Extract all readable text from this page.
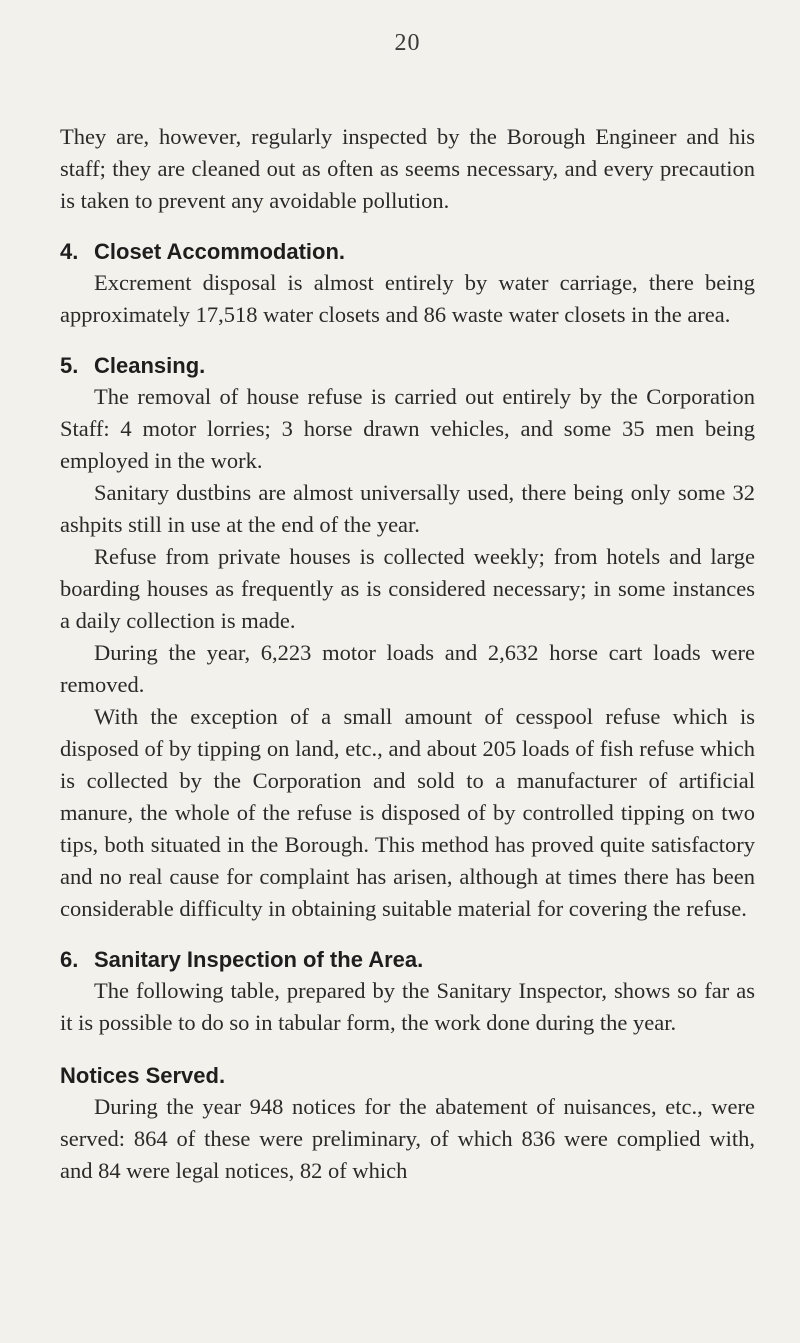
20

They are, however, regularly inspected by the Borough Engineer and his staff; they are cleaned out as often as seems necessary, and every precaution is taken to prevent any avoidable pollution.

4. Closet Accommodation.

Excrement disposal is almost entirely by water carriage, there being approximately 17,518 water closets and 86 waste water closets in the area.

5. Cleansing.

The removal of house refuse is carried out entirely by the Corporation Staff: 4 motor lorries; 3 horse drawn vehicles, and some 35 men being employed in the work.

Sanitary dustbins are almost universally used, there being only some 32 ashpits still in use at the end of the year.

Refuse from private houses is collected weekly; from hotels and large boarding houses as frequently as is considered necessary; in some instances a daily collection is made.

During the year, 6,223 motor loads and 2,632 horse cart loads were removed.

With the exception of a small amount of cesspool refuse which is disposed of by tipping on land, etc., and about 205 loads of fish refuse which is collected by the Corporation and sold to a manufacturer of artificial manure, the whole of the refuse is disposed of by controlled tipping on two tips, both situated in the Borough. This method has proved quite satisfactory and no real cause for complaint has arisen, although at times there has been considerable difficulty in obtaining suitable material for covering the refuse.

6. Sanitary Inspection of the Area.

The following table, prepared by the Sanitary Inspector, shows so far as it is possible to do so in tabular form, the work done during the year.

Notices Served.

During the year 948 notices for the abatement of nuisances, etc., were served: 864 of these were preliminary, of which 836 were complied with, and 84 were legal notices, 82 of which
